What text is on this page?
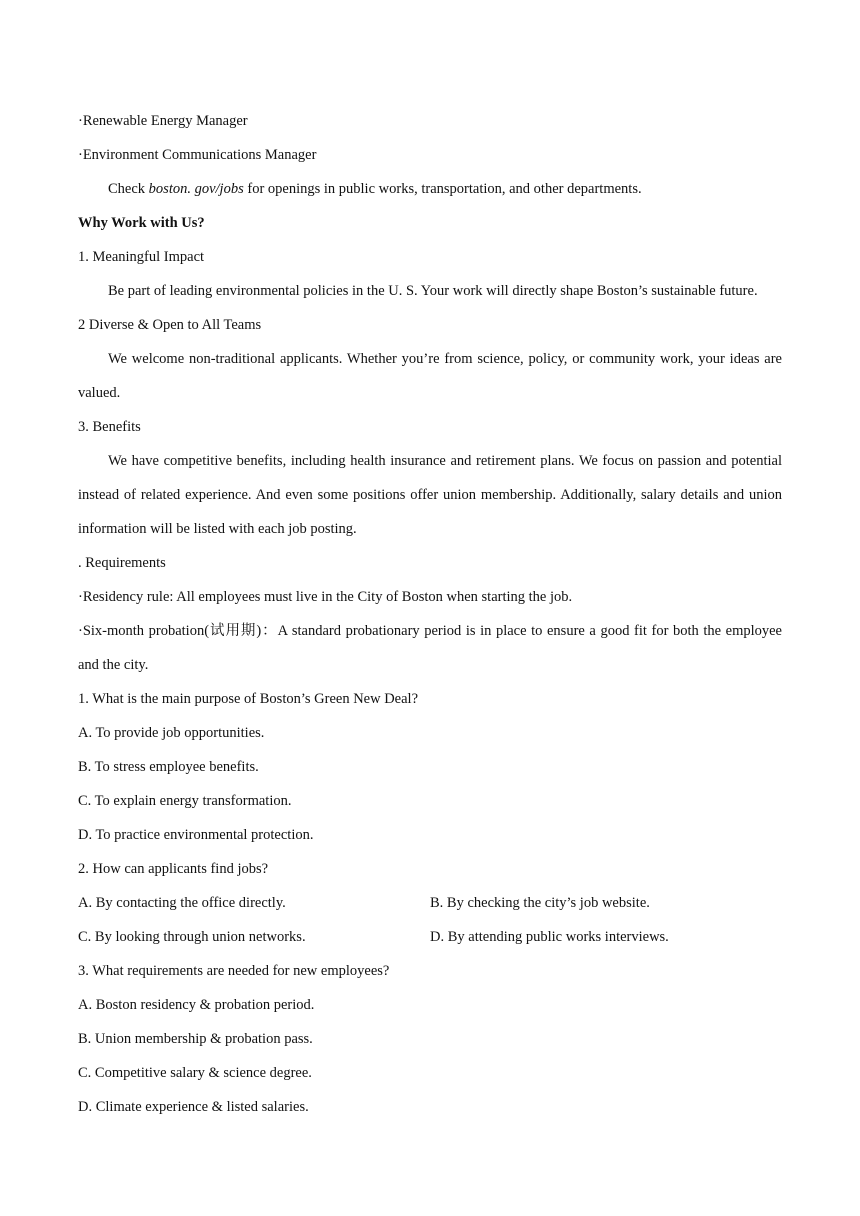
·Renewable Energy Manager
·Environment Communications Manager
Check boston. gov/jobs for openings in public works, transportation, and other departments.
Why Work with Us?
1. Meaningful Impact
Be part of leading environmental policies in the U. S. Your work will directly shape Boston’s sustainable future.
2 Diverse & Open to All Teams
We welcome non-traditional applicants. Whether you’re from science, policy, or community work, your ideas are valued.
3. Benefits
We have competitive benefits, including health insurance and retirement plans. We focus on passion and potential instead of related experience. And even some positions offer union membership. Additionally, salary details and union information will be listed with each job posting.
. Requirements
·Residency rule: All employees must live in the City of Boston when starting the job.
·Six-month probation(试用期)：A standard probationary period is in place to ensure a good fit for both the employee and the city.
1. What is the main purpose of Boston’s Green New Deal?
A. To provide job opportunities.
B. To stress employee benefits.
C. To explain energy transformation.
D. To practice environmental protection.
2. How can applicants find jobs?
A. By contacting the office directly.	B. By checking the city’s job website.
C. By looking through union networks.	D. By attending public works interviews.
3. What requirements are needed for new employees?
A. Boston residency & probation period.
B. Union membership & probation pass.
C. Competitive salary & science degree.
D. Climate experience & listed salaries.
